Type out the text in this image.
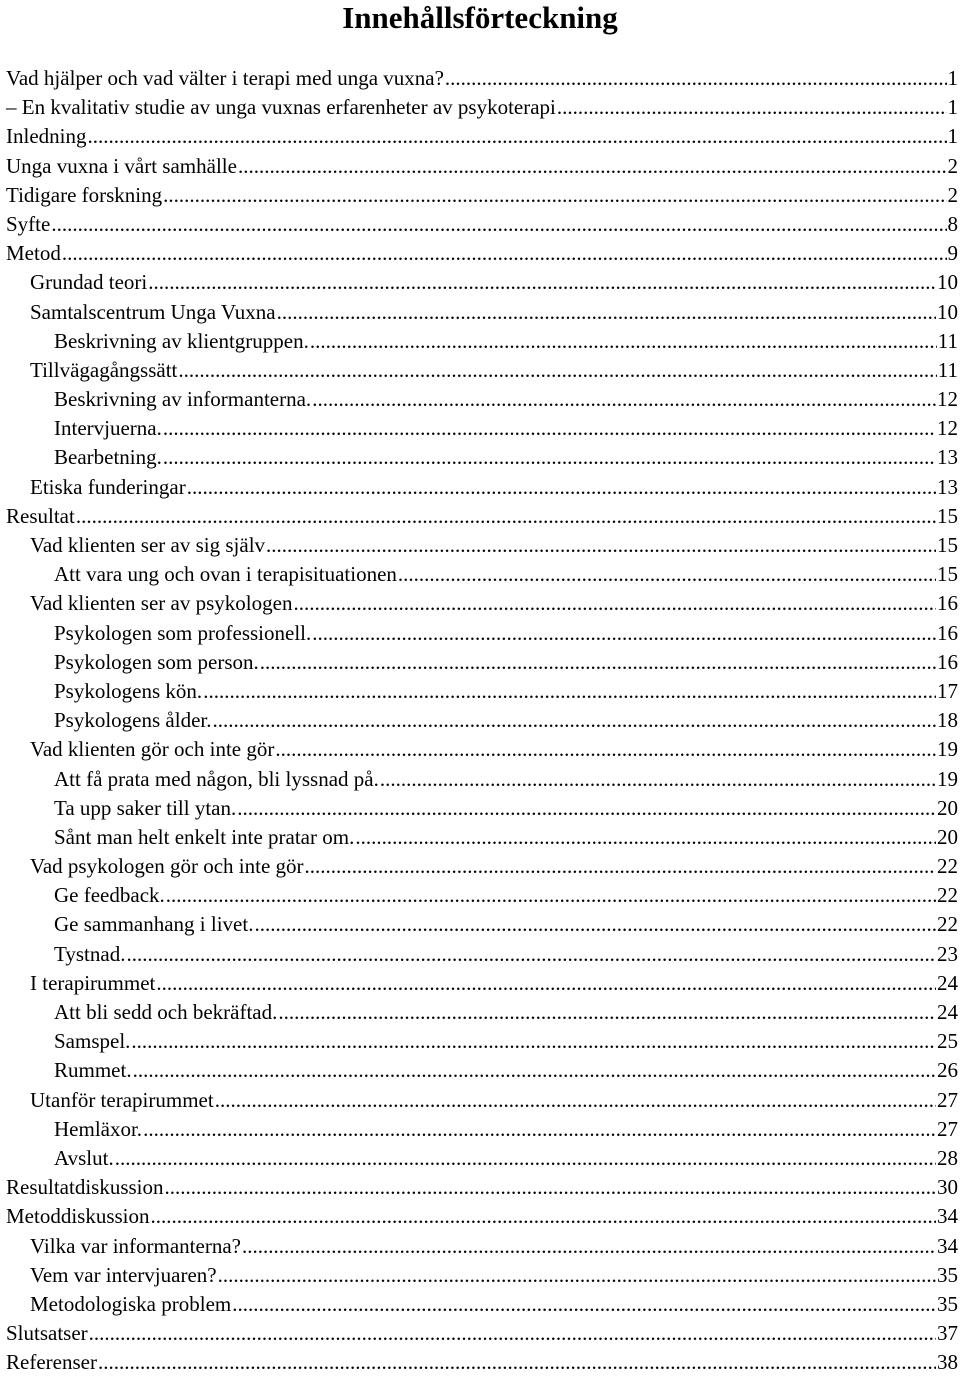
Innehållsförteckning
Vad hjälper och vad välter i terapi med unga vuxna? .....	1
– En kvalitativ studie av unga vuxnas erfarenheter av psykoterapi .....	1
Inledning .....	1
Unga vuxna i vårt samhälle .....	2
Tidigare forskning .....	2
Syfte .....	8
Metod .....	9
Grundad teori .....	10
Samtalscentrum Unga Vuxna .....	10
Beskrivning av klientgruppen. .....	11
Tillvägagångssätt .....	11
Beskrivning av informanterna. .....	12
Intervjuerna. .....	12
Bearbetning. .....	13
Etiska funderingar .....	13
Resultat .....	15
Vad klienten ser av sig själv .....	15
Att vara ung och ovan i terapisituationen .....	15
Vad klienten ser av psykologen .....	16
Psykologen som professionell. .....	16
Psykologen som person. .....	16
Psykologens kön. .....	17
Psykologens ålder. .....	18
Vad klienten gör och inte gör .....	19
Att få prata med någon, bli lyssnad på. .....	19
Ta upp saker till ytan. .....	20
Sånt man helt enkelt inte pratar om. .....	20
Vad psykologen gör och inte gör .....	22
Ge feedback. .....	22
Ge sammanhang i livet. .....	22
Tystnad. .....	23
I terapirummet .....	24
Att bli sedd och bekräftad. .....	24
Samspel. .....	25
Rummet. .....	26
Utanför terapirummet .....	27
Hemläxor. .....	27
Avslut. .....	28
Resultatdiskussion .....	30
Metoddiskussion .....	34
Vilka var informanterna? .....	34
Vem var intervjuaren? .....	35
Metodologiska problem .....	35
Slutsatser .....	37
Referenser .....	38
